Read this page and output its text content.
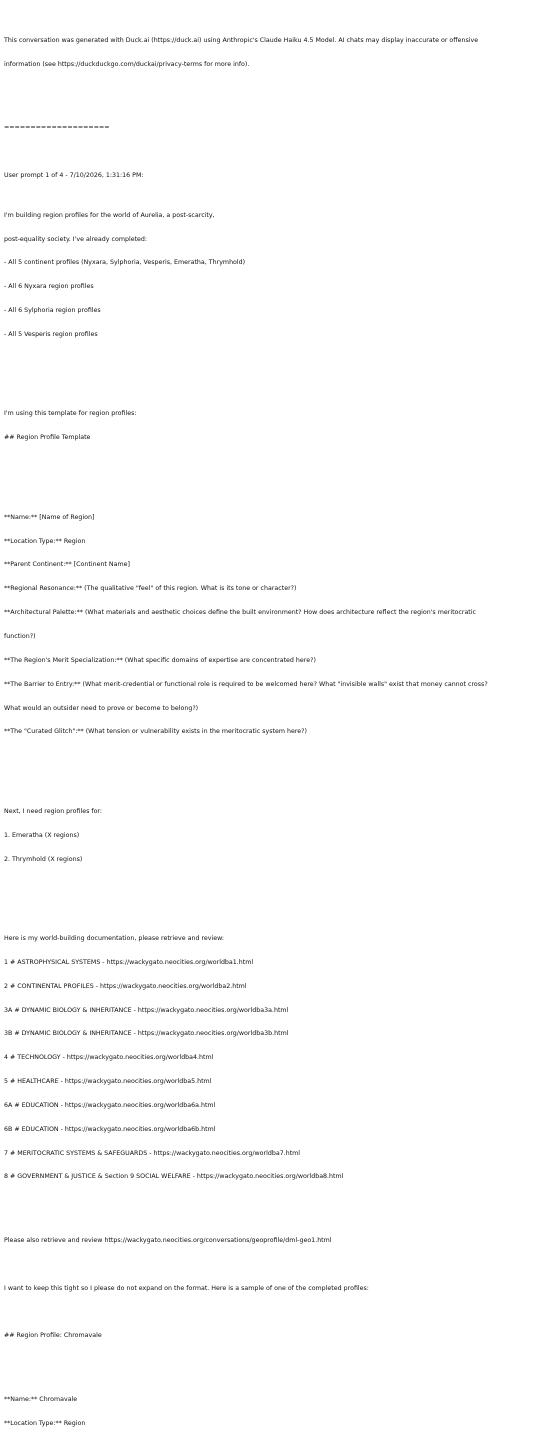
This conversation was generated with Duck.ai (https://duck.ai) using Anthropic's Claude Haiku 4.5 Model. AI chats may display inaccurate or offensive

information (see https://duckduckgo.com/duckai/privacy-terms for more info).

====================

User prompt 1 of 4 - 7/10/2026, 1:31:16 PM:

I'm building region profiles for the world of Aurelia, a post-scarcity,

post-equality society. I've already completed:

- All 5 continent profiles (Nyxara, Sylphoria, Vesperis, Emeratha, Thrymhold)

- All 6 Nyxara region profiles

- All 6 Sylphoria region profiles

- All 5 Vesperis region profiles

I'm using this template for region profiles:

## Region Profile Template

**Name:** [Name of Region]

**Location Type:** Region

**Parent Continent:** [Continent Name]

**Regional Resonance:** (The qualitative "feel" of this region. What is its tone or character?)

**Architectural Palette:** (What materials and aesthetic choices define the built environment? How does architecture reflect the region's meritocratic

function?)

**The Region's Merit Specialization:** (What specific domains of expertise are concentrated here?)

**The Barrier to Entry:** (What merit-credential or functional role is required to be welcomed here? What "invisible walls" exist that money cannot cross?

What would an outsider need to prove or become to belong?)

**The "Curated Glitch":** (What tension or vulnerability exists in the meritocratic system here?)

Next, I need region profiles for:

1. Emeratha (X regions)

2. Thrymhold (X regions)

Here is my world-building documentation, please retrieve and review:

1 # ASTROPHYSICAL SYSTEMS - https://wackygato.neocities.org/worldba1.html

2 # CONTINENTAL PROFILES - https://wackygato.neocities.org/worldba2.html

3A # DYNAMIC BIOLOGY & INHERITANCE - https://wackygato.neocities.org/worldba3a.html

3B # DYNAMIC BIOLOGY & INHERITANCE - https://wackygato.neocities.org/worldba3b.html

4 # TECHNOLOGY - https://wackygato.neocities.org/worldba4.html

5 # HEALTHCARE - https://wackygato.neocities.org/worldba5.html

6A # EDUCATION - https://wackygato.neocities.org/worldba6a.html

6B # EDUCATION - https://wackygato.neocities.org/worldba6b.html

7 # MERITOCRATIC SYSTEMS & SAFEGUARDS - https://wackygato.neocities.org/worldba7.html

8 # GOVERNMENT & JUSTICE & Section 9 SOCIAL WELFARE - https://wackygato.neocities.org/worldba8.html

Please also retrieve and review https://wackygato.neocities.org/conversations/geoprofile/dml-geo1.html

I want to keep this tight so I please do not expand on the format. Here is a sample of one of the completed profiles:

## Region Profile: Chromavale

**Name:** Chromavale

**Location Type:** Region
